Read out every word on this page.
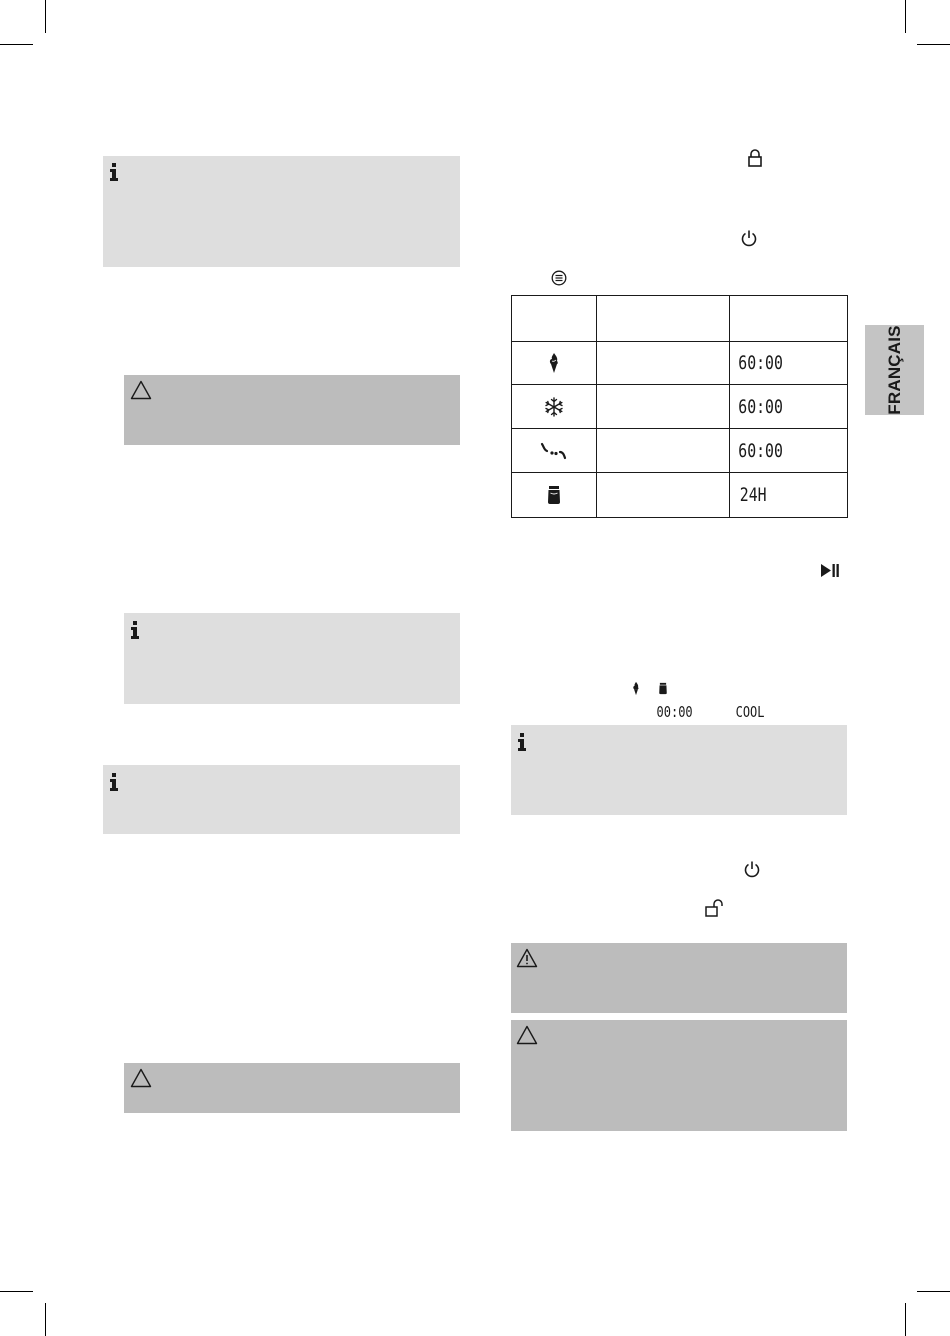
		60:00
		60:00
		60:00
		24H
00:00	COOL
FRANÇAIS
